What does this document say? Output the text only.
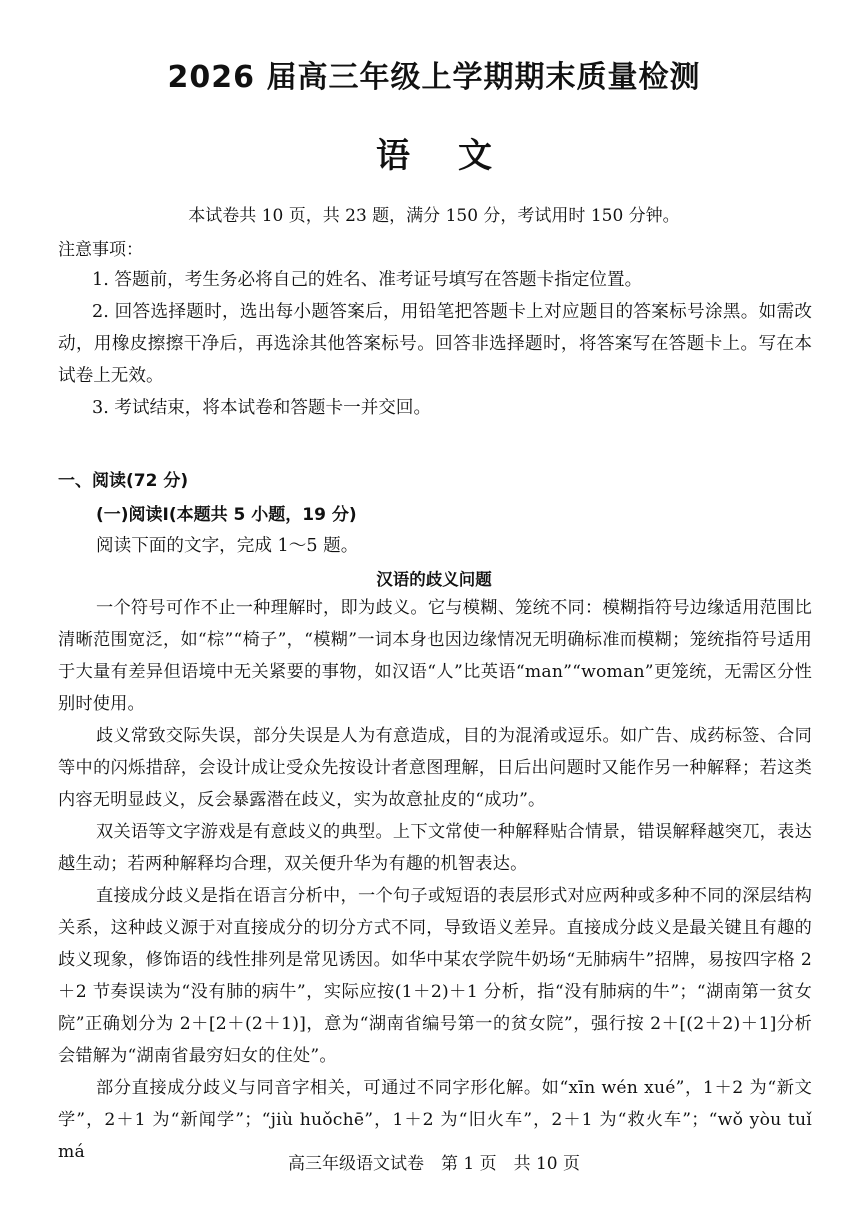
2026 届高三年级上学期期末质量检测
语 文
本试卷共 10 页，共 23 题，满分 150 分，考试用时 150 分钟。
注意事项：

1. 答题前，考生务必将自己的姓名、准考证号填写在答题卡指定位置。

2. 回答选择题时，选出每小题答案后，用铅笔把答题卡上对应题目的答案标号涂黑。如需改动，用橡皮擦擦干净后，再选涂其他答案标号。回答非选择题时，将答案写在答题卡上。写在本试卷上无效。

3. 考试结束，将本试卷和答题卡一并交回。

一、阅读(72 分)
(一)阅读Ⅰ(本题共 5 小题，19 分)
阅读下面的文字，完成 1～5 题。
汉语的歧义问题

一个符号可作不止一种理解时，即为歧义。它与模糊、笼统不同：模糊指符号边缘适用范围比清晰范围宽泛，如“棕”“椅子”，“模糊”一词本身也因边缘情况无明确标准而模糊；笼统指符号适用于大量有差异但语境中无关紧要的事物，如汉语“人”比英语“man”“woman”更笼统，无需区分性别时使用。

歧义常致交际失误，部分失误是人为有意造成，目的为混淆或逗乐。如广告、成药标签、合同等中的闪烁措辞，会设计成让受众先按设计者意图理解，日后出问题时又能作另一种解释；若这类内容无明显歧义，反会暴露潜在歧义，实为故意扯皮的“成功”。

双关语等文字游戏是有意歧义的典型。上下文常使一种解释贴合情景，错误解释越突兀，表达越生动；若两种解释均合理，双关便升华为有趣的机智表达。

直接成分歧义是指在语言分析中，一个句子或短语的表层形式对应两种或多种不同的深层结构关系，这种歧义源于对直接成分的切分方式不同，导致语义差异。直接成分歧义是最关键且有趣的歧义现象，修饰语的线性排列是常见诱因。如华中某农学院牛奶场“无肺病牛”招牌，易按四字格 2＋2 节奏误读为“没有肺的病牛”，实际应按(1＋2)＋1 分析，指“没有肺病的牛”；“湖南第一贫女院”正确划分为 2＋[2＋(2＋1)]，意为“湖南省编号第一的贫女院”，强行按 2＋[(2＋2)＋1]分析会错解为“湖南省最穷妇女的住处”。

部分直接成分歧义与同音字相关，可通过不同字形化解。如“xīn wén xué”，1＋2 为“新文学”，2＋1 为“新闻学”；“jiù huǒchē”，1＋2 为“旧火车”，2＋1 为“救火车”；“wǒ yòu tuǐ má

高三年级语文试卷　第 1 页　共 10 页
